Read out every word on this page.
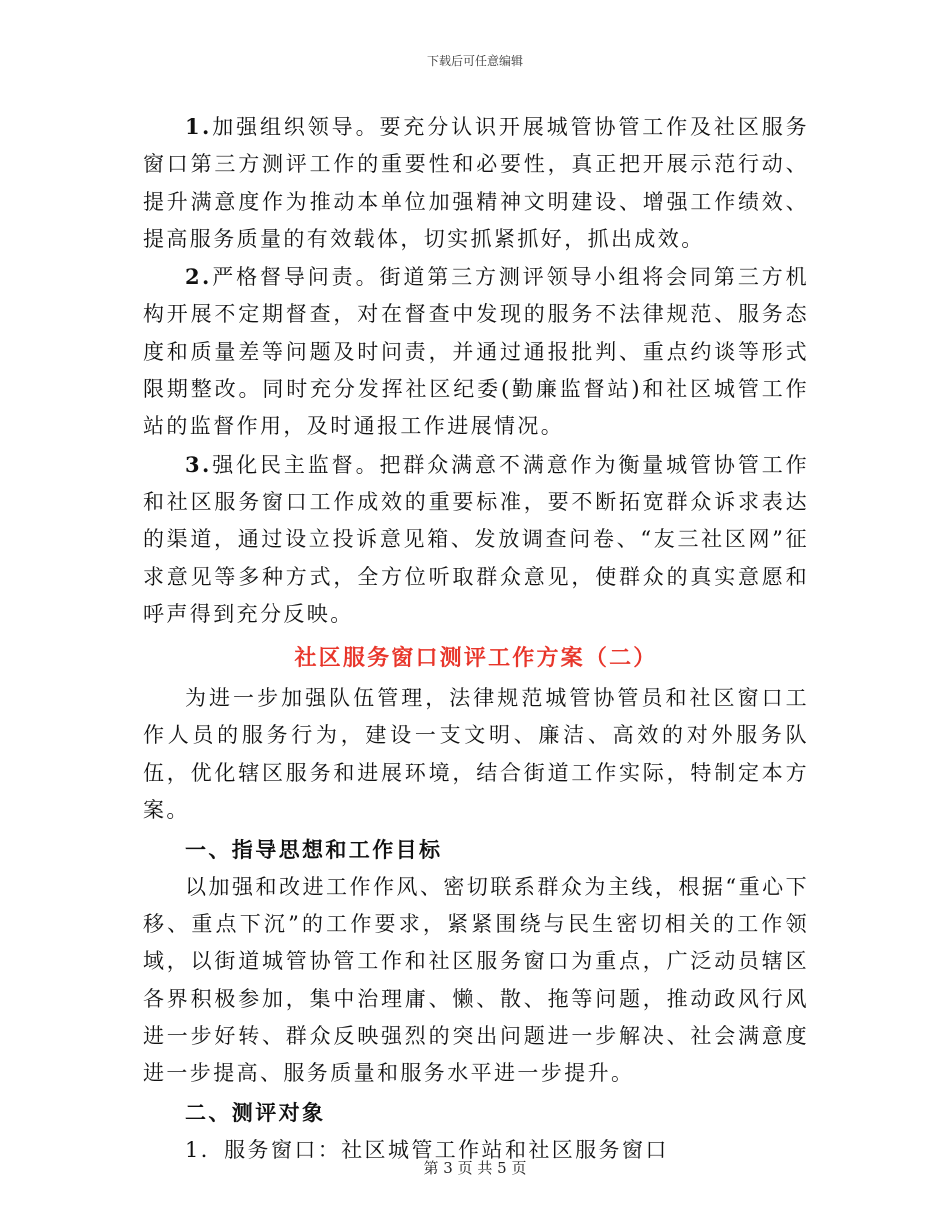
下载后可任意编辑

1.加强组织领导。要充分认识开展城管协管工作及社区服务窗口第三方测评工作的重要性和必要性，真正把开展示范行动、提升满意度作为推动本单位加强精神文明建设、增强工作绩效、提高服务质量的有效载体，切实抓紧抓好，抓出成效。

2.严格督导问责。街道第三方测评领导小组将会同第三方机构开展不定期督查，对在督查中发现的服务不法律规范、服务态度和质量差等问题及时问责，并通过通报批判、重点约谈等形式限期整改。同时充分发挥社区纪委(勤廉监督站)和社区城管工作站的监督作用，及时通报工作进展情况。

3.强化民主监督。把群众满意不满意作为衡量城管协管工作和社区服务窗口工作成效的重要标准，要不断拓宽群众诉求表达的渠道，通过设立投诉意见箱、发放调查问卷、“友三社区网”征求意见等多种方式，全方位听取群众意见，使群众的真实意愿和呼声得到充分反映。

社区服务窗口测评工作方案（二）

为进一步加强队伍管理，法律规范城管协管员和社区窗口工作人员的服务行为，建设一支文明、廉洁、高效的对外服务队伍，优化辖区服务和进展环境，结合街道工作实际，特制定本方案。

一、指导思想和工作目标

以加强和改进工作作风、密切联系群众为主线，根据“重心下移、重点下沉”的工作要求，紧紧围绕与民生密切相关的工作领域，以街道城管协管工作和社区服务窗口为重点，广泛动员辖区各界积极参加，集中治理庸、懒、散、拖等问题，推动政风行风进一步好转、群众反映强烈的突出问题进一步解决、社会满意度进一步提高、服务质量和服务水平进一步提升。

二、测评对象

1．服务窗口：社区城管工作站和社区服务窗口

第 3 页 共 5 页
